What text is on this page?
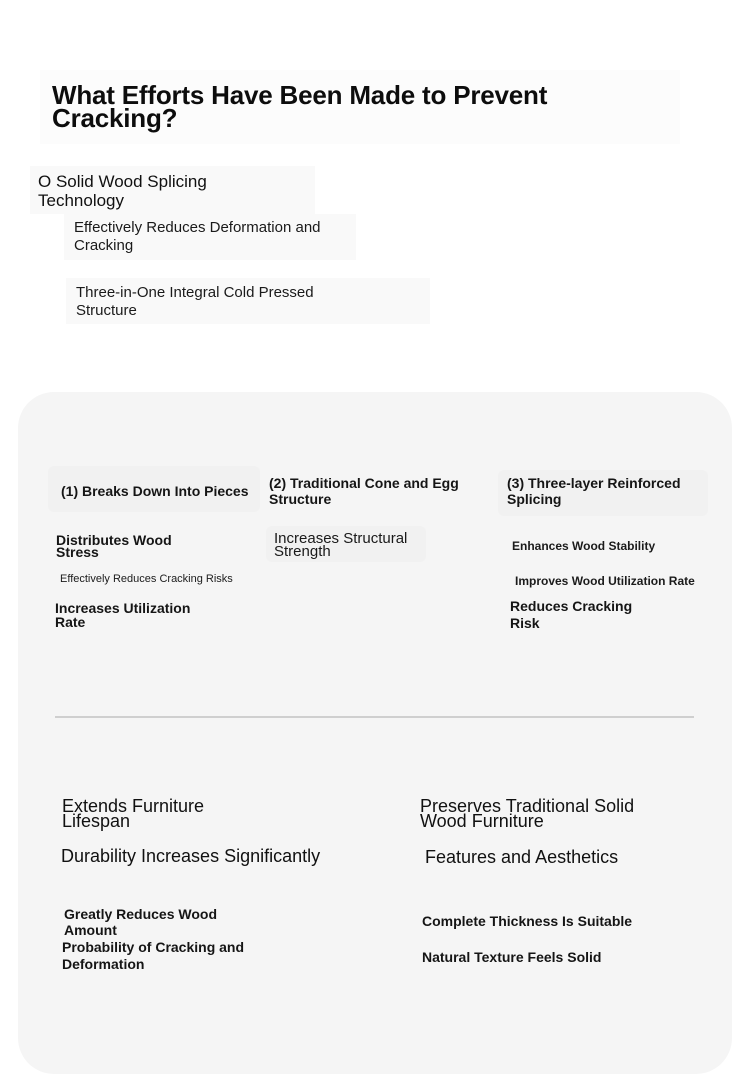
What Efforts Have Been Made to Prevent Cracking?
O Solid Wood Splicing Technology
Effectively Reduces Deformation and Cracking
Three-in-One Integral Cold Pressed Structure
(1) Breaks Down Into Pieces
Distributes Wood Stress
Effectively Reduces Cracking Risks
Increases Utilization Rate
(2) Traditional Cone and Egg Structure
Increases Structural Strength
(3) Three-layer Reinforced Splicing
Enhances Wood Stability
Improves Wood Utilization Rate
Reduces Cracking Risk
Extends Furniture Lifespan
Durability Increases Significantly
Greatly Reduces Wood Amount
Probability of Cracking and Deformation
Preserves Traditional Solid Wood Furniture
Features and Aesthetics
Complete Thickness Is Suitable
Natural Texture Feels Solid
